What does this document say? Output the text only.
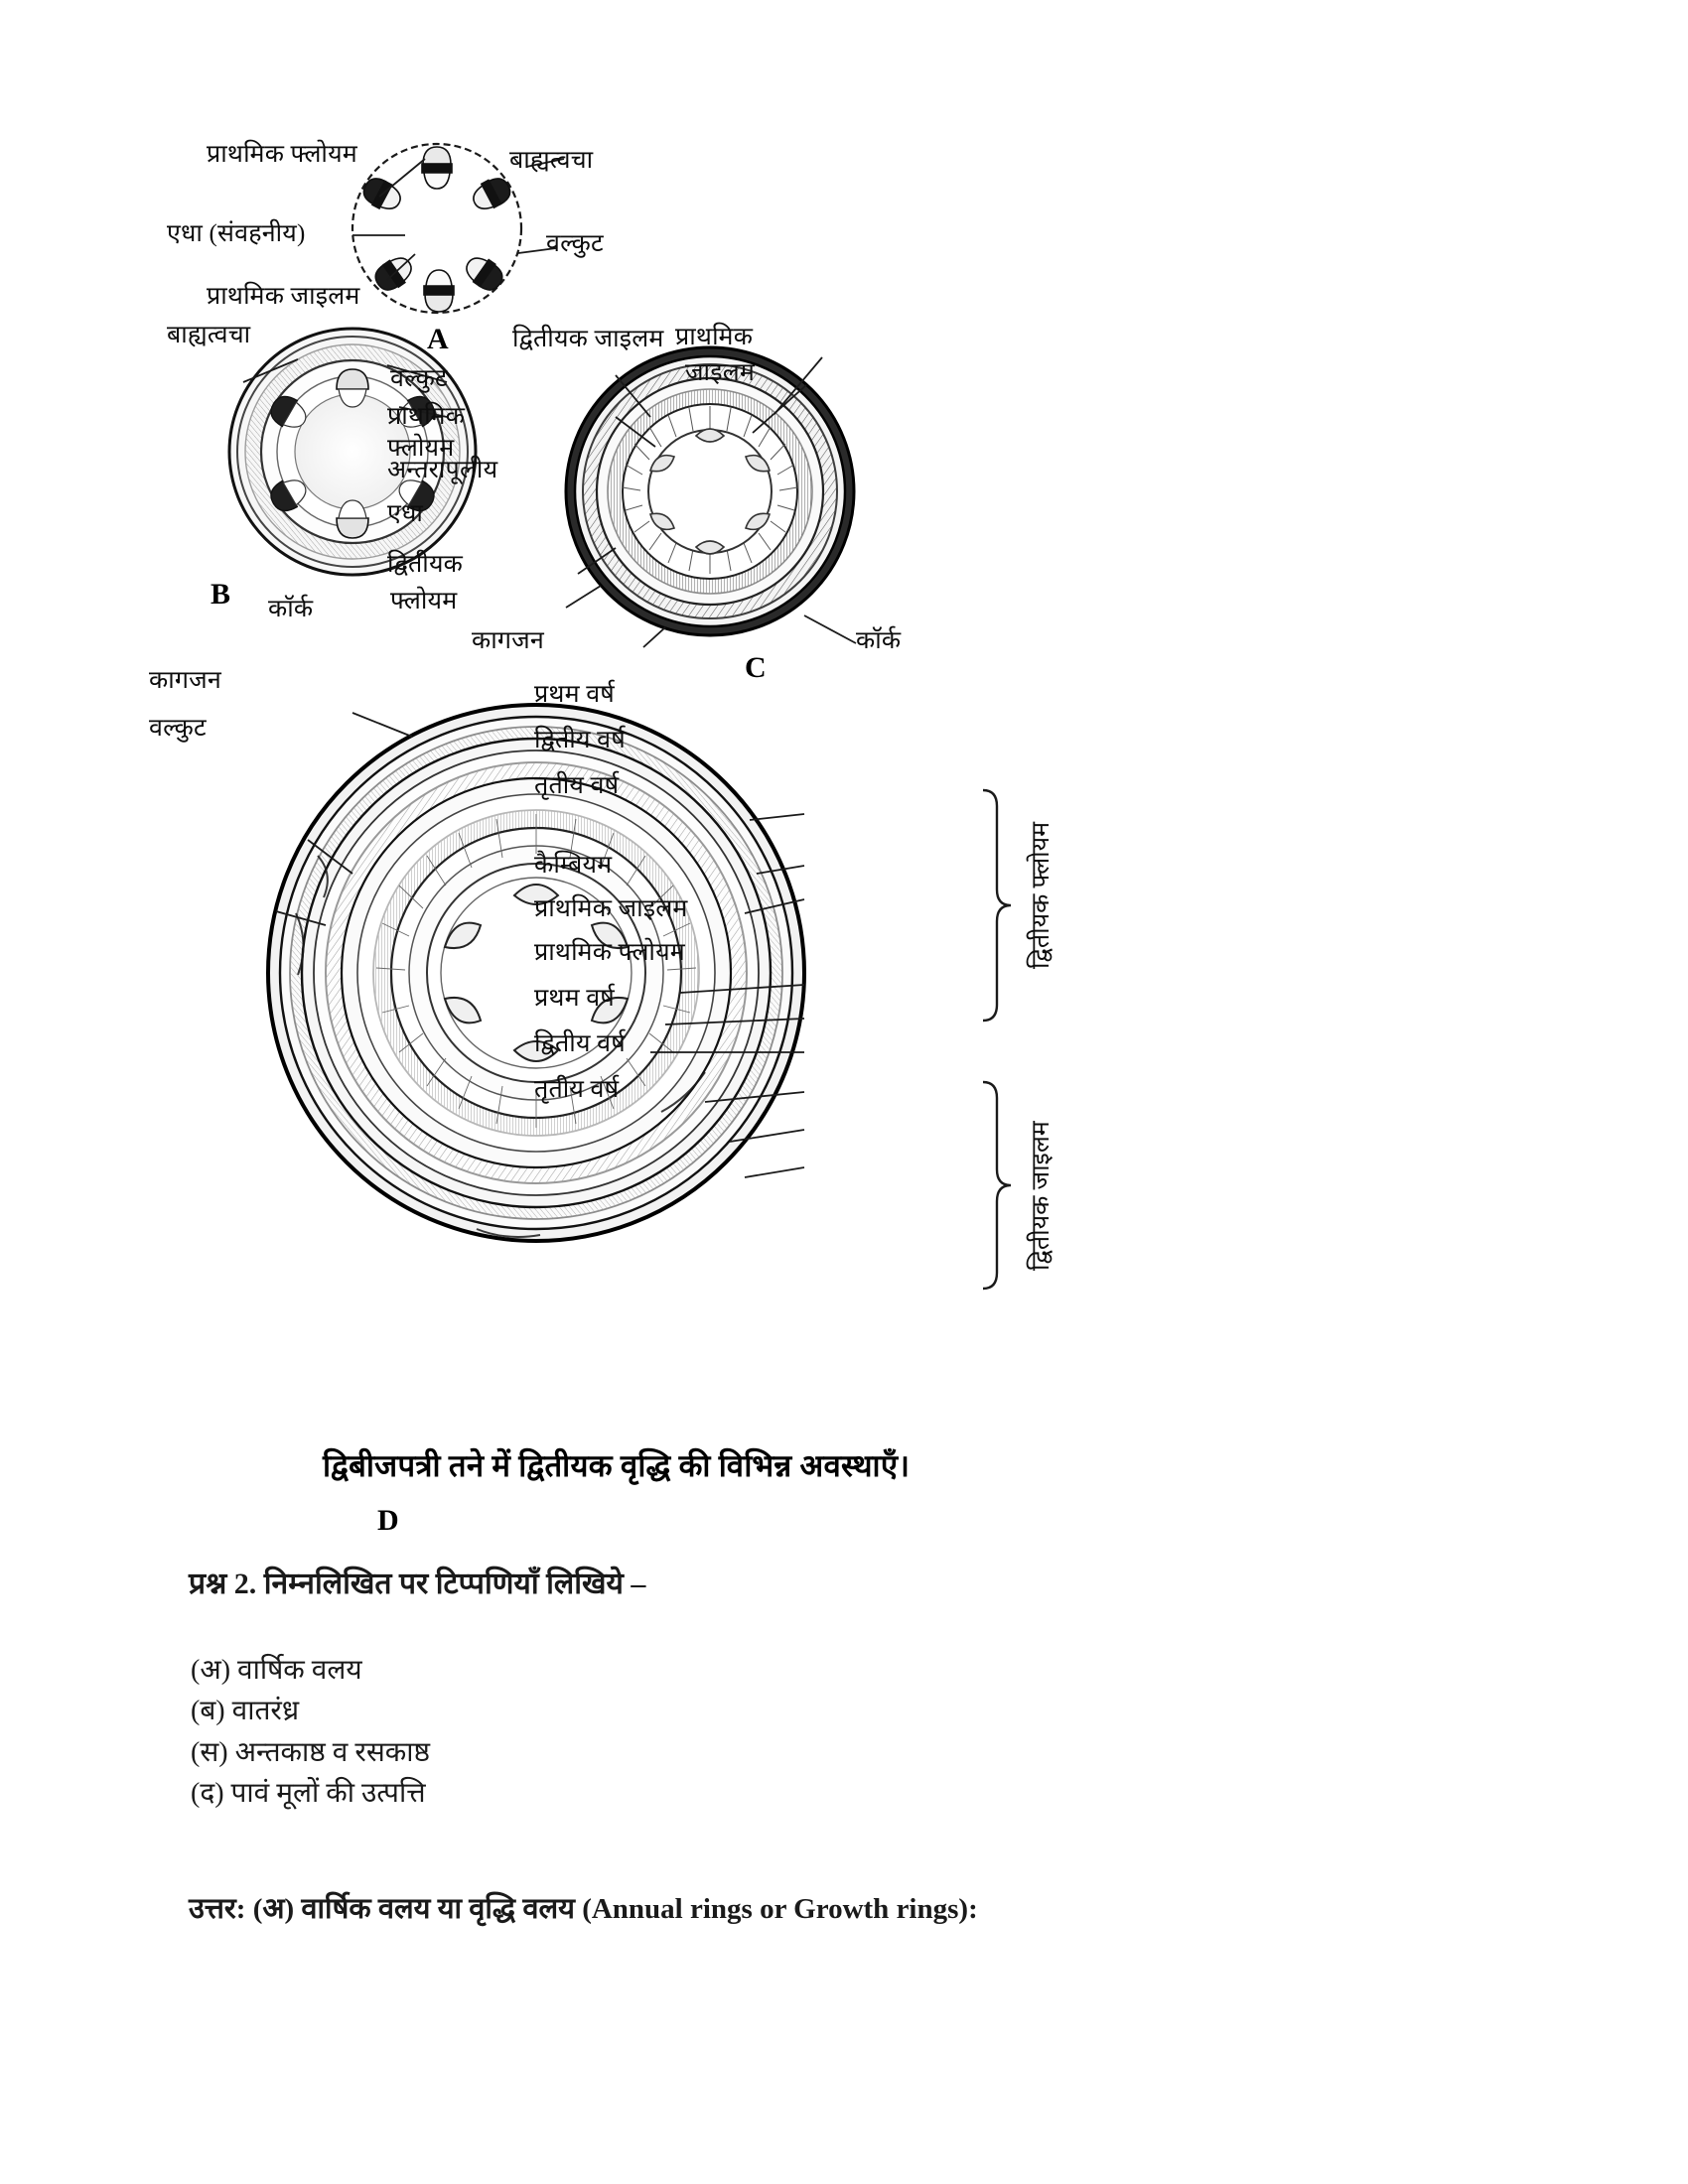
प्राथमिक फ्लोयम
एधा (संवहनीय)
प्राथमिक जाइलम
बाह्यत्वचा
वल्कुट
A
बाह्यत्वचा
वल्कुट
प्राथमिक
फ्लोयम
B
द्वितीयक जाइलम प्राथमिक
जाइलम
अन्तरापूलीय
एधा
द्वितीयक
फ्लोयम
कागजन	कॉर्क
C
कॉर्क
कागजन
वल्कुट
प्रथम वर्ष
द्वितीय वर्ष
तृतीय वर्ष
कैम्बियम
प्राथमिक जाइलम
प्राथमिक फ्लोयम
प्रथम वर्ष
द्वितीय वर्ष
तृतीय वर्ष
द्वितीयक फ्लोयम
द्वितीयक जाइलम
D
द्विबीजपत्री तने में द्वितीयक वृद्धि की विभिन्न अवस्थाएँ।
प्रश्न 2. निम्नलिखित पर टिप्पणियाँ लिखिये –
(अ) वार्षिक वलय
(ब) वातरंध्र
(स) अन्तकाष्ठ व रसकाष्ठ
(द) पावं मूलों की उत्पत्ति
उत्तर: (अ) वार्षिक वलय या वृद्धि वलय (Annual rings or Growth rings):
